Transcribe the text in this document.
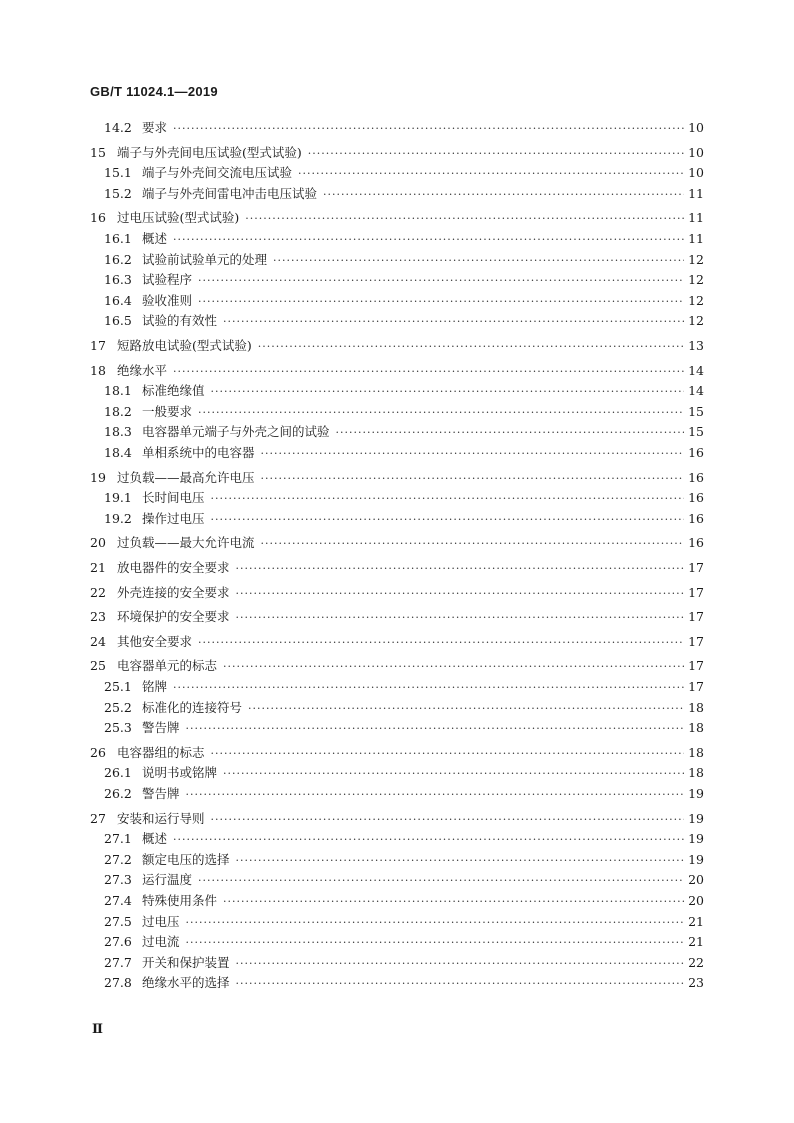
GB/T 11024.1—2019
14.2 要求 ·····	10
15 端子与外壳间电压试验(型式试验) ·····	10
15.1 端子与外壳间交流电压试验 ·····	10
15.2 端子与外壳间雷电冲击电压试验 ·····	11
16 过电压试验(型式试验) ·····	11
16.1 概述 ·····	11
16.2 试验前试验单元的处理 ·····	12
16.3 试验程序 ·····	12
16.4 验收准则 ·····	12
16.5 试验的有效性 ·····	12
17 短路放电试验(型式试验) ·····	13
18 绝缘水平 ·····	14
18.1 标准绝缘值 ·····	14
18.2 一般要求 ·····	15
18.3 电容器单元端子与外壳之间的试验 ·····	15
18.4 单相系统中的电容器 ·····	16
19 过负载——最高允许电压 ·····	16
19.1 长时间电压 ·····	16
19.2 操作过电压 ·····	16
20 过负载——最大允许电流 ·····	16
21 放电器件的安全要求 ·····	17
22 外壳连接的安全要求 ·····	17
23 环境保护的安全要求 ·····	17
24 其他安全要求 ·····	17
25 电容器单元的标志 ·····	17
25.1 铭牌 ·····	17
25.2 标准化的连接符号 ·····	18
25.3 警告牌 ·····	18
26 电容器组的标志 ·····	18
26.1 说明书或铭牌 ·····	18
26.2 警告牌 ·····	19
27 安装和运行导则 ·····	19
27.1 概述 ·····	19
27.2 额定电压的选择 ·····	19
27.3 运行温度 ·····	20
27.4 特殊使用条件 ·····	20
27.5 过电压 ·····	21
27.6 过电流 ·····	21
27.7 开关和保护装置 ·····	22
27.8 绝缘水平的选择 ·····	23
Ⅱ
